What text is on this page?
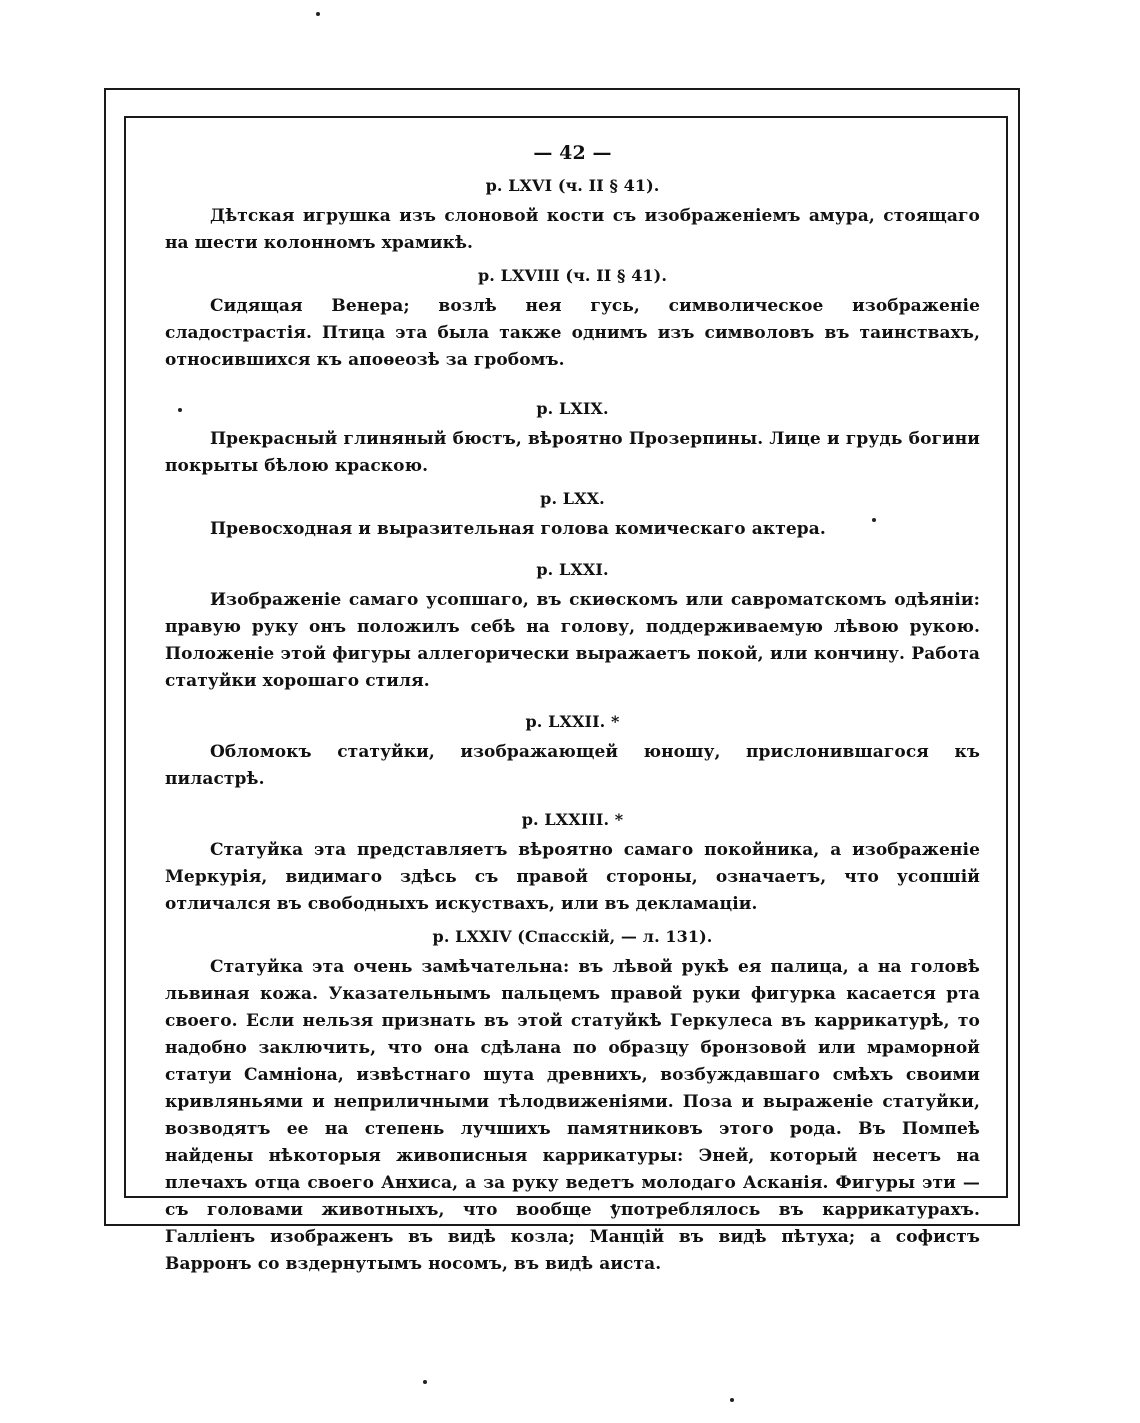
— 42 —
p. LXVI (ч. II § 41).

Дѣтская игрушка изъ слоновой кости съ изображеніемъ амура, стоящаго на шести колонномъ храмикѣ.

p. LXVIII (ч. II § 41).

Сидящая Венера; возлѣ нея гусь, символическое изображеніе сладострастія. Птица эта была также однимъ изъ символовъ въ таинствахъ, относившихся къ апоѳеозѣ за гробомъ.

p. LXIX.

Прекрасный глиняный бюстъ, вѣроятно Прозерпины. Лице и грудь богини покрыты бѣлою краскою.

p. LXX.

Превосходная и выразительная голова комическаго актера.

p. LXXI.

Изображеніе самаго усопшаго, въ скиѳскомъ или савроматскомъ одѣяніи: правую руку онъ положилъ себѣ на голову, поддерживаемую лѣвою рукою. Положеніе этой фигуры аллегорически выражаетъ покой, или кончину. Работа статуйки хорошаго стиля.

p. LXXII. *

Обломокъ статуйки, изображающей юношу, прислонившагося къ пиластрѣ.

p. LXXIII. *

Статуйка эта представляетъ вѣроятно самаго покойника, а изображеніе Меркурія, видимаго здѣсь съ правой стороны, означаетъ, что усопшій отличался въ свободныхъ искуствахъ, или въ декламаціи.

p. LXXIV (Спасскій, — л. 131).

Статуйка эта очень замѣчательна: въ лѣвой рукѣ ея палица, а на головѣ львиная кожа. Указательнымъ пальцемъ правой руки фигурка касается рта своего. Если нельзя признать въ этой статуйкѣ Геркулеса въ каррикатурѣ, то надобно заключить, что она сдѣлана по образцу бронзовой или мраморной статуи Самніона, извѣстнаго шута древнихъ, возбуждавшаго смѣхъ своими кривляньями и неприличными тѣлодвиженіями. Поза и выраженіе статуйки, возводятъ ее на степень лучшихъ памятниковъ этого рода. Въ Помпеѣ найдены нѣкоторыя живописныя каррикатуры: Эней, который несетъ на плечахъ отца своего Анхиса, а за руку ведетъ молодаго Асканія. Фигуры эти — съ головами животныхъ, что вообще употреблялось въ каррикатурахъ. Галліенъ изображенъ въ видѣ козла; Манцій въ видѣ пѣтуха; а софистъ Варронъ со вздернутымъ носомъ, въ видѣ аиста.
